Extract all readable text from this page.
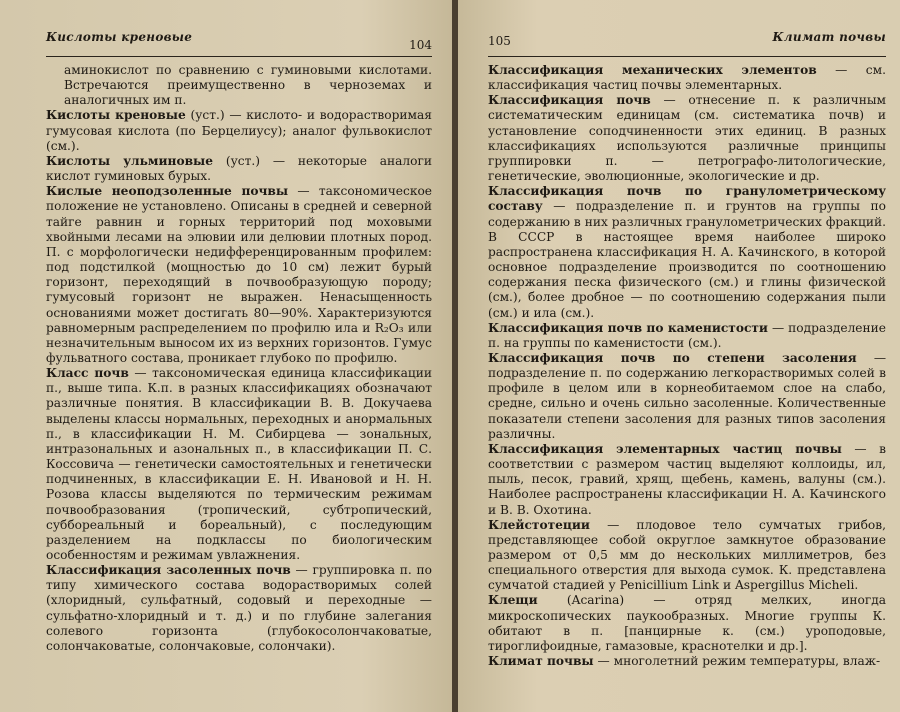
Кислоты креновые
104

аминокислот по сравнению с гуминовыми кислотами. Встречаются преимущественно в черноземах и аналогичных им п.

Кислоты креновые (уст.) — кислото- и водорастворимая гумусовая кислота (по Берцелиусу); аналог фульвокислот (см.).

Кислоты ульминовые (уст.) — некоторые аналоги кислот гуминовых бурых.

Кислые неоподзоленные почвы — таксономическое положение не установлено. Описаны в средней и северной тайге равнин и горных территорий под моховыми хвойными лесами на элювии или делювии плотных пород. П. с морфологически недифференцированным профилем: под подстилкой (мощностью до 10 см) лежит бурый горизонт, переходящий в почвообразующую породу; гумусовый горизонт не выражен. Ненасыщенность основаниями может достигать 80—90%. Характеризуются равномерным распределением по профилю ила и R₂O₃ или незначительным выносом их из верхних горизонтов. Гумус фульватного состава, проникает глубоко по профилю.

Класс почв — таксономическая единица классификации п., выше типа. К.п. в разных классификациях обозначают различные понятия. В классификации В. В. Докучаева выделены классы нормальных, переходных и анормальных п., в классификации Н. М. Сибирцева — зональных, интразональных и азональных п., в классификации П. С. Коссовича — генетически самостоятельных и генетически подчиненных, в классификации Е. Н. Ивановой и Н. Н. Розова классы выделяются по термическим режимам почвообразования (тропический, субтропический, суббореальный и бореальный), с последующим разделением на подклассы по биологическим особенностям и режимам увлажнения.

Классификация засоленных почв — группировка п. по типу химического состава водорастворимых солей (хлоридный, сульфатный, содовый и переходные — сульфатно-хлоридный и т. д.) и по глубине залегания солевого горизонта (глубокосолончаковатые, солончаковатые, солончаковые, солончаки).

105	Климат почвы

Классификация механических элементов — см. классификация частиц почвы элементарных.

Классификация почв — отнесение п. к различным систематическим единицам (см. систематика почв) и установление соподчиненности этих единиц. В разных классификациях используются различные принципы группировки п. — петрографо-литологические, генетические, эволюционные, экологические и др.

Классификация почв по гранулометрическому составу — подразделение п. и грунтов на группы по содержанию в них различных гранулометрических фракций. В СССР в настоящее время наиболее широко распространена классификация Н. А. Качинского, в которой основное подразделение производится по соотношению содержания песка физического (см.) и глины физической (см.), более дробное — по соотношению содержания пыли (см.) и ила (см.).

Классификация почв по каменистости — подразделение п. на группы по каменистости (см.).

Классификация почв по степени засоления — подразделение п. по содержанию легкорастворимых солей в профиле в целом или в корнеобитаемом слое на слабо, средне, сильно и очень сильно засоленные. Количественные показатели степени засоления для разных типов засоления различны.

Классификация элементарных частиц почвы — в соответствии с размером частиц выделяют коллоиды, ил, пыль, песок, гравий, хрящ, щебень, камень, валуны (см.). Наиболее распространены классификации Н. А. Качинского и В. В. Охотина.

Клейстотеции — плодовое тело сумчатых грибов, представляющее собой округлое замкнутое образование размером от 0,5 мм до нескольких миллиметров, без специального отверстия для выхода сумок. К. представлена сумчатой стадией у Penicillium Link и Aspergillus Micheli.

Клещи (Acarina) — отряд мелких, иногда микроскопических паукообразных. Многие группы К. обитают в п. [панцирные к. (см.) уроподовые, тироглифоидные, гамазовые, краснотелки и др.].

Климат почвы — многолетний режим температуры, влаж-
